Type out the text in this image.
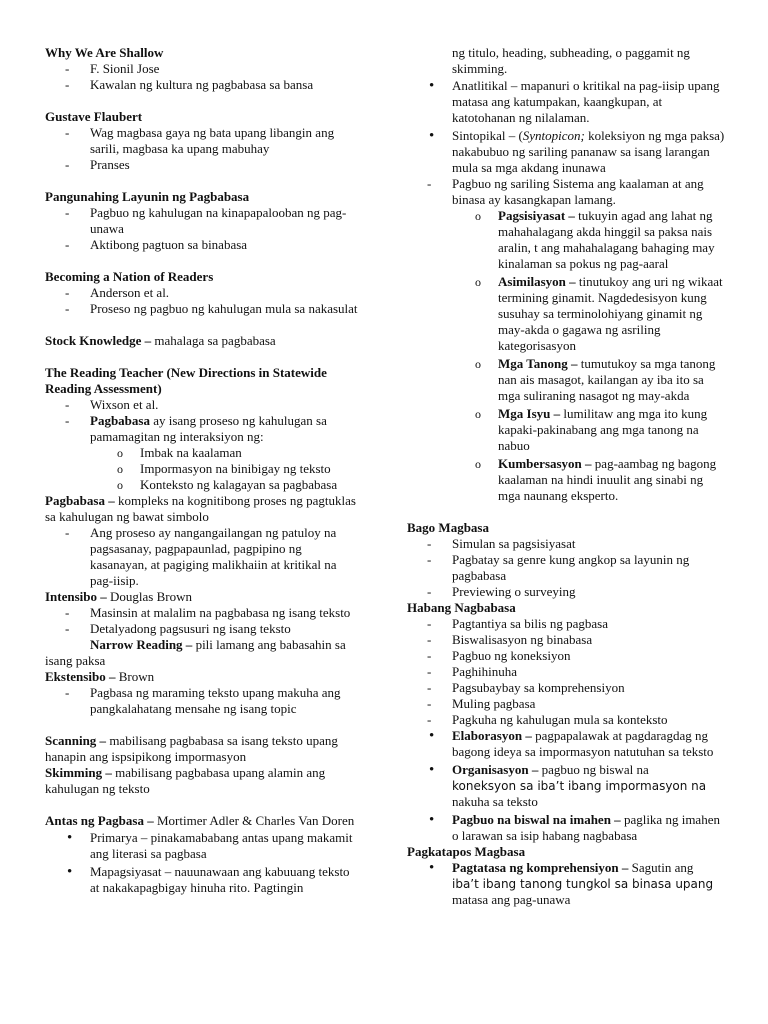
Why We Are Shallow
- F. Sionil Jose
- Kawalan ng kultura ng pagbabasa sa bansa
Gustave Flaubert
- Wag magbasa gaya ng bata upang libangin ang sarili, magbasa ka upang mabuhay
- Pranses
Pangunahing Layunin ng Pagbabasa
- Pagbuo ng kahulugan na kinapapalooban ng pag-unawa
- Aktibong pagtuon sa binabasa
Becoming a Nation of Readers
- Anderson et al.
- Proseso ng pagbuo ng kahulugan mula sa nakasulat
Stock Knowledge – mahalaga sa pagbabasa
The Reading Teacher (New Directions in Statewide Reading Assessment)
- Wixson et al.
- Pagbabasa ay isang proseso ng kahulugan sa pamamagitan ng interaksiyon ng:
o Imbak na kaalaman
o Impormasyon na binibigay ng teksto
o Konteksto ng kalagayan sa pagbabasa
Pagbabasa – kompleks na kognitibong proses ng pagtuklas sa kahulugan ng bawat simbolo
- Ang proseso ay nangangailangan ng patuloy na pagsasanay, pagpapaunlad, pagpipino ng kasanayan, at pagiging malikhaiin at kritikal na pag-iisip.
Intensibo – Douglas Brown
- Masinsin at malalim na pagbabasa ng isang teksto
- Detalyadong pagsusuri ng isang teksto
Narrow Reading – pili lamang ang babasahin sa isang paksa
Ekstensibo – Brown
- Pagbasa ng maraming teksto upang makuha ang pangkalahatang mensahe ng isang topic
Scanning – mabilisang pagbabasa sa isang teksto upang hanapin ang ispsipikong impormasyon
Skimming – mabilisang pagbabasa upang alamin ang kahulugan ng teksto
Antas ng Pagbasa – Mortimer Adler & Charles Van Doren
• Primarya – pinakamababang antas upang makamit ang literasi sa pagbasa
• Mapagsiyasat – nauunawaan ang kabuuang teksto at nakakapagbigay hinuha rito. Pagtingin
ng titulo, heading, subheading, o paggamit ng skimming.
• Anatlitikal – mapanuri o kritikal na pag-iisip upang matasa ang katumpakan, kaangkupan, at katotohanan ng nilalaman.
• Sintopikal – (Syntopicon; koleksiyon ng mga paksa) nakabubuo ng sariling pananaw sa isang larangan mula sa mga akdang inunawa
- Pagbuo ng sariling Sistema ang kaalaman at ang binasa ay kasangkapan lamang.
o Pagsisiyasat – tukuyin agad ang lahat ng mahahalagang akda hinggil sa paksa nais aralin, t ang mahahalagang bahaging may kinalaman sa pokus ng pag-aaral
o Asimilasyon – tinutukoy ang uri ng wikaat termining ginamit. Nagdedesisyon kung susuhay sa terminolohiyang ginamit ng may-akda o gagawa ng asriling kategorisasyon
o Mga Tanong – tumutukoy sa mga tanong nan ais masagot, kailangan ay iba ito sa mga suliraning nasagot ng may-akda
o Mga Isyu – lumilitaw ang mga ito kung kapaki-pakinabang ang mga tanong na nabuo
o Kumbersasyon – pag-aambag ng bagong kaalaman na hindi inuulit ang sinabi ng mga naunang eksperto.
Bago Magbasa
- Simulan sa pagsisiyasat
- Pagbatay sa genre kung angkop sa layunin ng pagbabasa
- Previewing o surveying
Habang Nagbabasa
- Pagtantiya sa bilis ng pagbasa
- Biswalisasyon ng binabasa
- Pagbuo ng koneksiyon
- Paghihinuha
- Pagsubaybay sa komprehensiyon
- Muling pagbasa
- Pagkuha ng kahulugan mula sa konteksto
• Elaborasyon – pagpapalawak at pagdaragdag ng bagong ideya sa impormasyon natutuhan sa teksto
• Organisasyon – pagbuo ng biswal na
koneksyon sa iba’t ibang impormasyon na
nakuha sa teksto
• Pagbuo na biswal na imahen – paglika ng imahen o larawan sa isip habang nagbabasa
Pagkatapos Magbasa
• Pagtatasa ng komprehensiyon – Sagutin ang
iba’t ibang tanong tungkol sa binasa upang
matasa ang pag-unawa
